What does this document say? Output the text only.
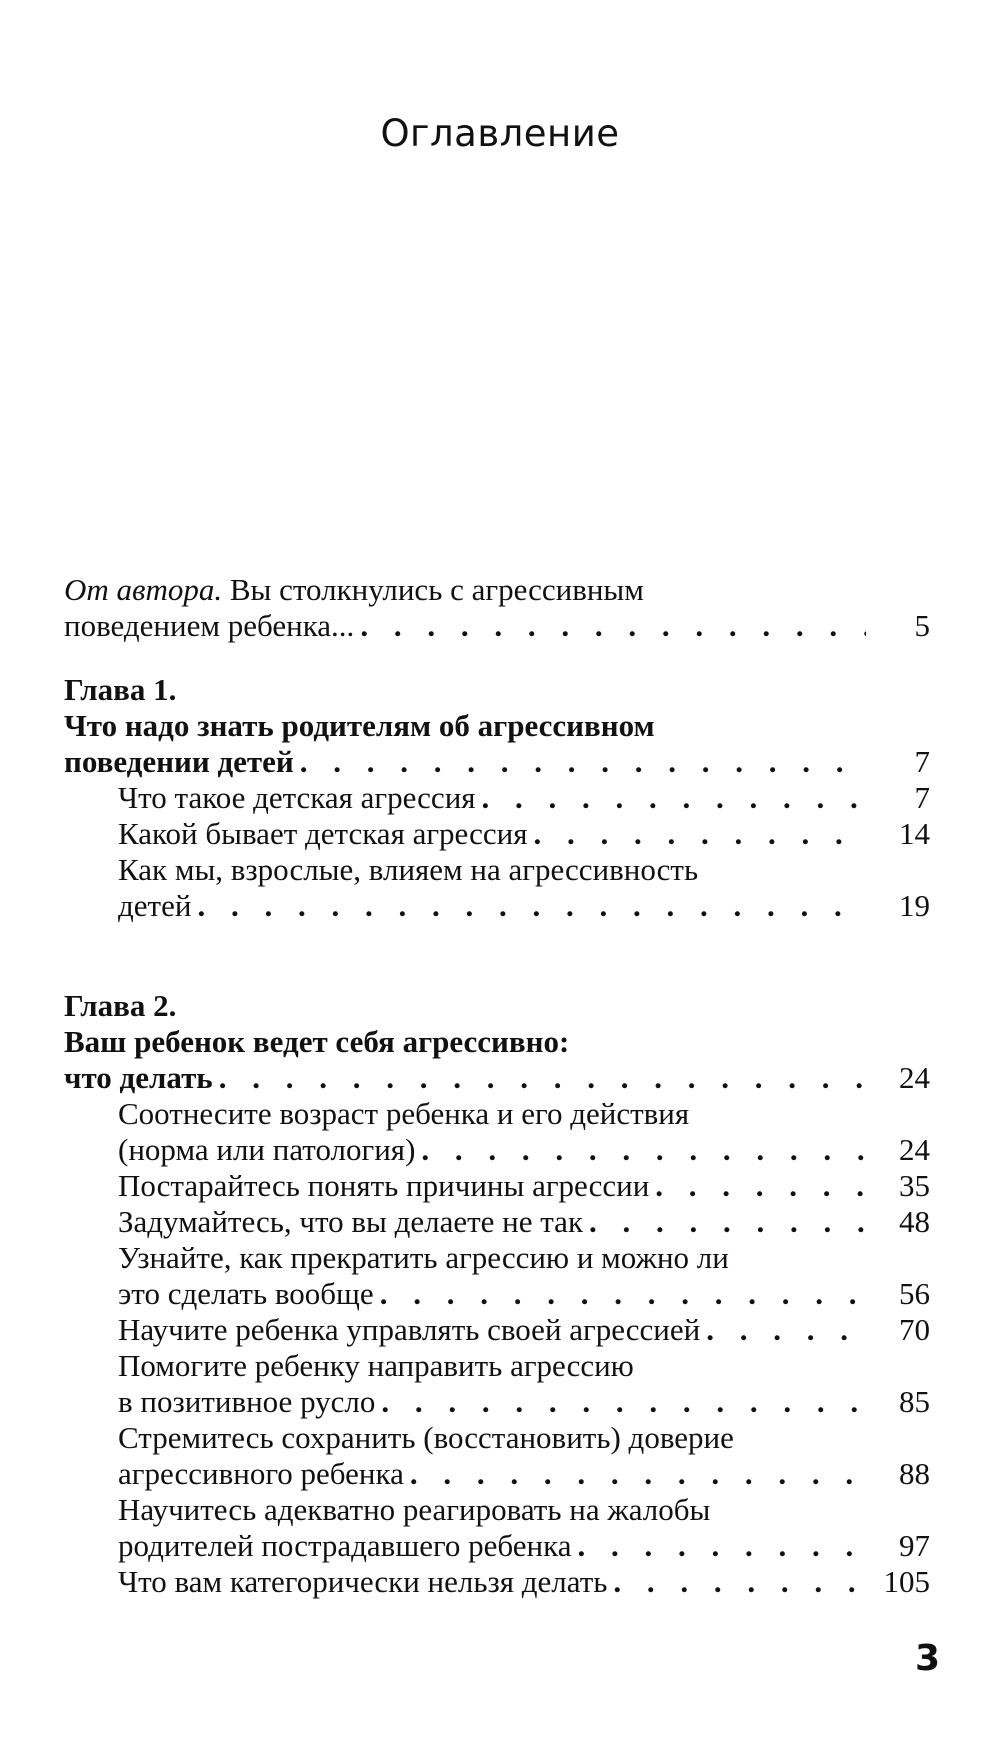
Оглавление
От автора. Вы столкнулись с агрессивным
поведением ребенка... . . .	5
Глава 1.
Что надо знать родителям об агрессивном
поведении детей . . .	7
Что такое детская агрессия . . .	7
Какой бывает детская агрессия . . .	14
Как мы, взрослые, влияем на агрессивность
детей . . .	19
Глава 2.
Ваш ребенок ведет себя агрессивно:
что делать . . .	24
Соотнесите возраст ребенка и его действия
(норма или патология) . . .	24
Постарайтесь понять причины агрессии . . .	35
Задумайтесь, что вы делаете не так . . .	48
Узнайте, как прекратить агрессию и можно ли
это сделать вообще . . .	56
Научите ребенка управлять своей агрессией . . .	70
Помогите ребенку направить агрессию
в позитивное русло . . .	85
Стремитесь сохранить (восстановить) доверие
агрессивного ребенка . . .	88
Научитесь адекватно реагировать на жалобы
родителей пострадавшего ребенка . . .	97
Что вам категорически нельзя делать . . .	105
3
